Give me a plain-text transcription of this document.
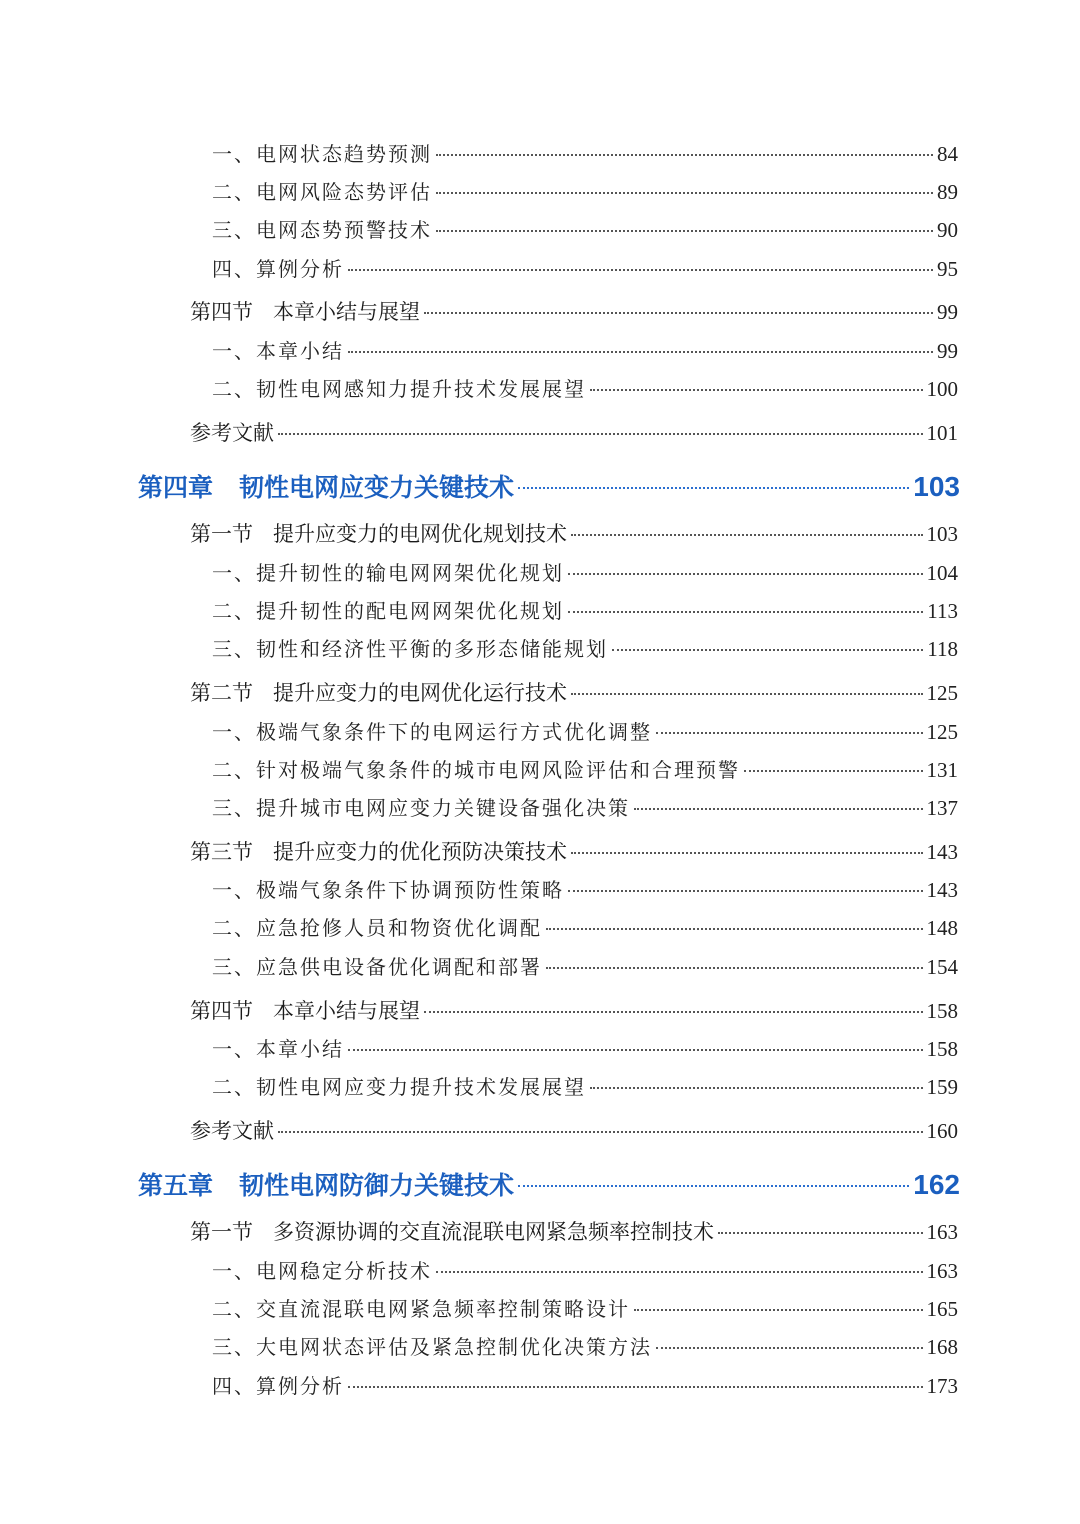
一、电网状态趋势预测	84
二、电网风险态势评估	89
三、电网态势预警技术	90
四、算例分析	95
第四节 本章小结与展望	99
一、本章小结	99
二、韧性电网感知力提升技术发展展望	100
参考文献	101
第四章 韧性电网应变力关键技术	103
第一节 提升应变力的电网优化规划技术	103
一、提升韧性的输电网网架优化规划	104
二、提升韧性的配电网网架优化规划	113
三、韧性和经济性平衡的多形态储能规划	118
第二节 提升应变力的电网优化运行技术	125
一、极端气象条件下的电网运行方式优化调整	125
二、针对极端气象条件的城市电网风险评估和合理预警	131
三、提升城市电网应变力关键设备强化决策	137
第三节 提升应变力的优化预防决策技术	143
一、极端气象条件下协调预防性策略	143
二、应急抢修人员和物资优化调配	148
三、应急供电设备优化调配和部署	154
第四节 本章小结与展望	158
一、本章小结	158
二、韧性电网应变力提升技术发展展望	159
参考文献	160
第五章 韧性电网防御力关键技术	162
第一节 多资源协调的交直流混联电网紧急频率控制技术	163
一、电网稳定分析技术	163
二、交直流混联电网紧急频率控制策略设计	165
三、大电网状态评估及紧急控制优化决策方法	168
四、算例分析	173
